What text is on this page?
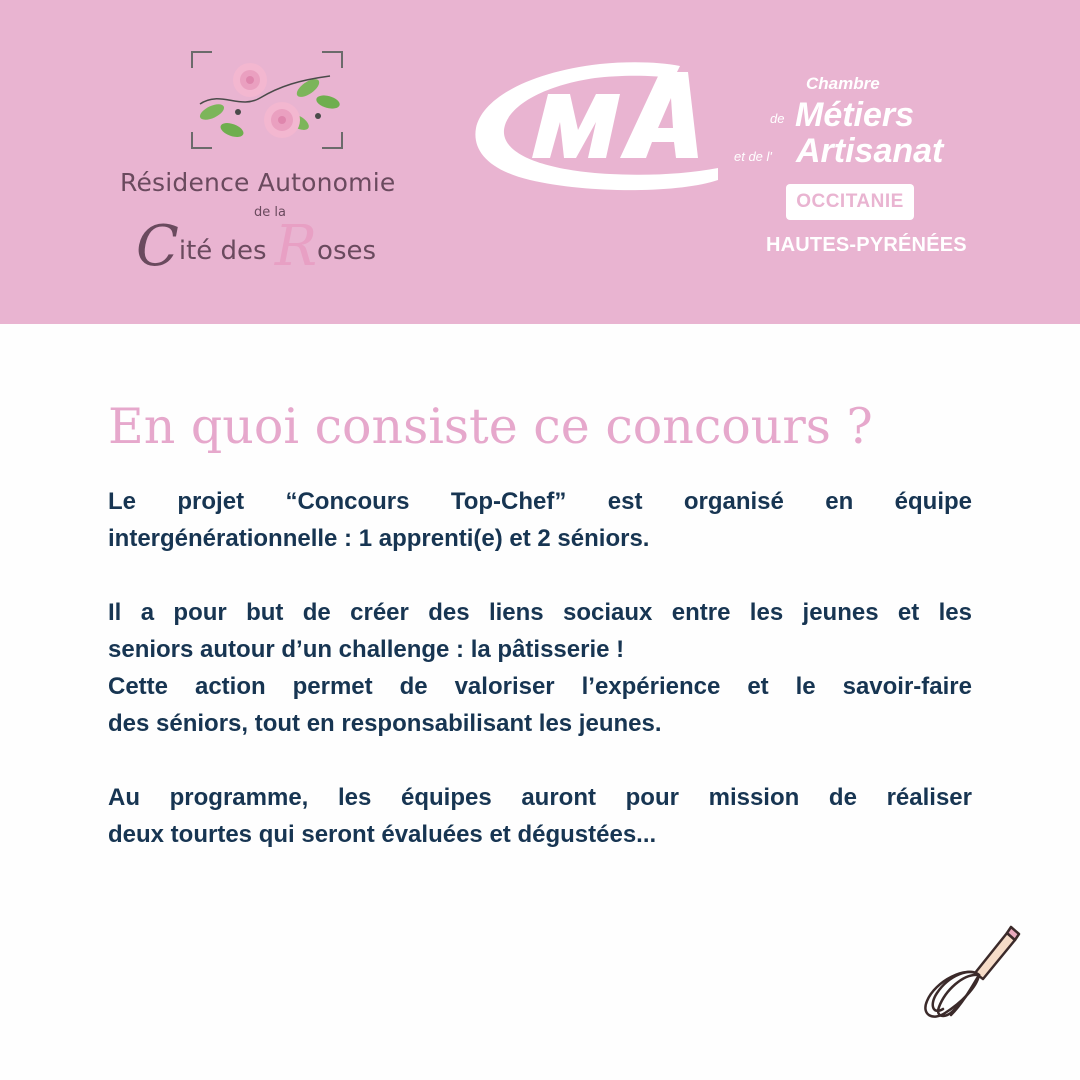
Résidence Autonomie
de la
Cité des Roses
Chambre
de Métiers
et de l' Artisanat
OCCITANIE
HAUTES-PYRÉNÉES
En quoi consiste ce concours ?

Le projet “Concours Top-Chef” est organisé en équipe

intergénérationnelle : 1 apprenti(e) et 2 séniors.

Il a pour but de créer des liens sociaux entre les jeunes et les

seniors autour d’un challenge : la pâtisserie !

Cette action permet de valoriser l’expérience et le savoir-faire

des séniors, tout en responsabilisant les jeunes.

Au programme, les équipes auront pour mission de réaliser

deux tourtes qui seront évaluées et dégustées...
